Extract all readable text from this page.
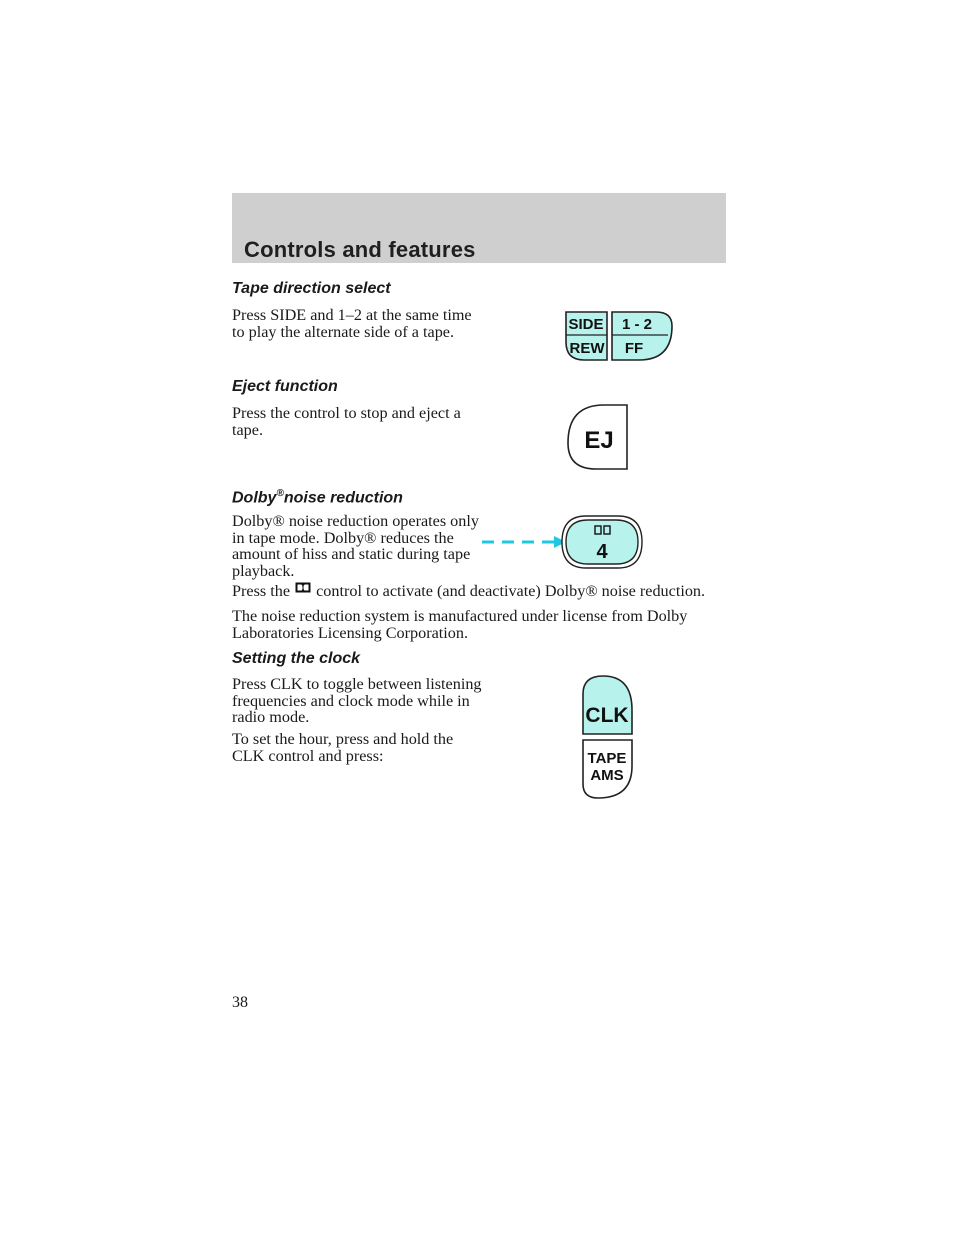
Controls and features
Tape direction select

Press SIDE and 1–2 at the same time to play the alternate side of a tape.	SIDE 1 - 2
REW FF
Eject function

Press the control to stop and eject a tape.	EJ
Dolby®noise reduction

Dolby® noise reduction operates only in tape mode. Dolby® reduces the amount of hiss and static during tape playback.

4

Press the control to activate (and deactivate) Dolby® noise reduction.

The noise reduction system is manufactured under license from Dolby Laboratories Licensing Corporation.

Setting the clock

Press CLK to toggle between listening frequencies and clock mode while in radio mode.

To set the hour, press and hold the CLK control and press:

CLK
TAPE
AMS
38
